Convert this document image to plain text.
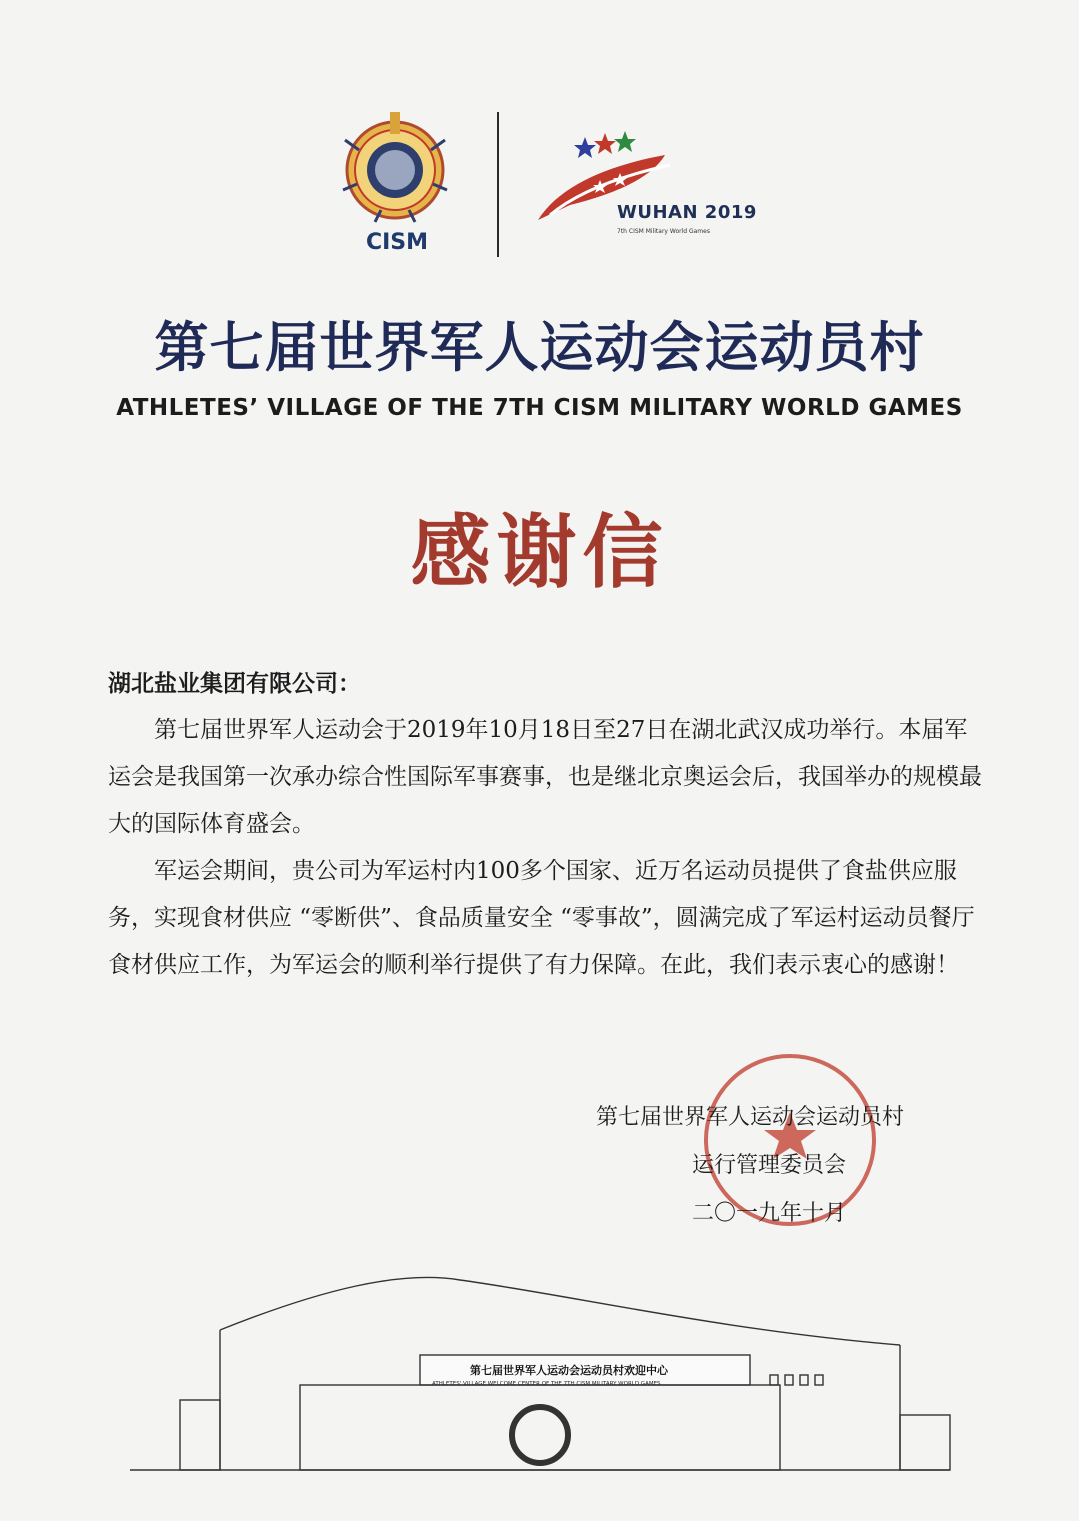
CISM
WUHAN 2019
7th CISM Military World Games
第七届世界军人运动会运动员村
ATHLETES’ VILLAGE OF THE 7TH CISM MILITARY WORLD GAMES
感谢信

湖北盐业集团有限公司：

第七届世界军人运动会于2019年10月18日至27日在湖北武汉成功举行。本届军运会是我国第一次承办综合性国际军事赛事，也是继北京奥运会后，我国举办的规模最大的国际体育盛会。

军运会期间，贵公司为军运村内100多个国家、近万名运动员提供了食盐供应服务，实现食材供应 “零断供”、食品质量安全 “零事故”，圆满完成了军运村运动员餐厅食材供应工作，为军运会的顺利举行提供了有力保障。在此，我们表示衷心的感谢！

第七届世界军人运动会运动员村
运行管理委员会
二〇一九年十月
第七届世界军人运动会运动员村欢迎中心
ATHLETES' VILLAGE WELCOME CENTER OF THE 7TH CISM MILITARY WORLD GAMES
